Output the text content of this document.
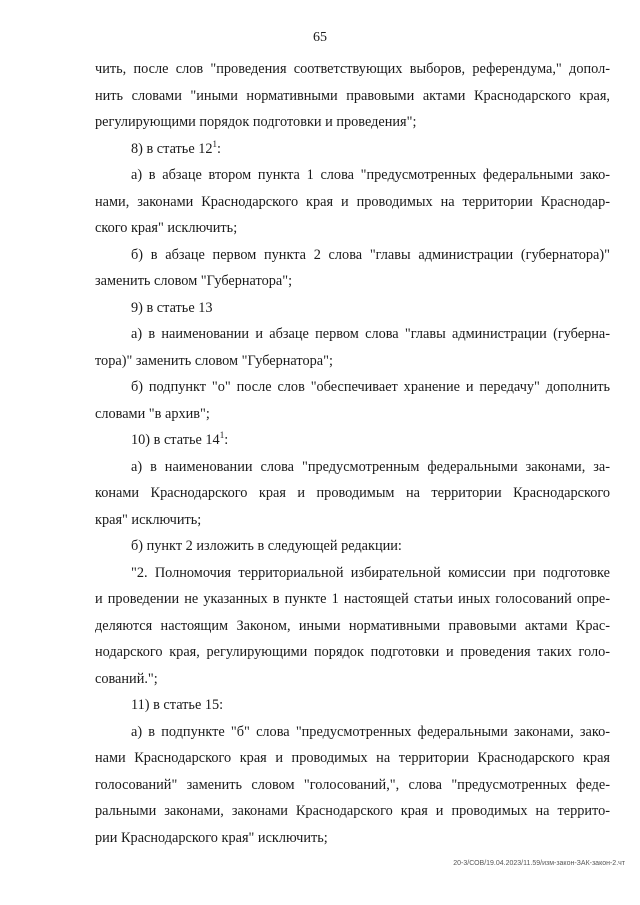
65

чить, после слов "проведения соответствующих выборов, референдума," допол-

нить словами "иными нормативными правовыми актами Краснодарского края,

регулирующими порядок подготовки и проведения";

8) в статье $12^1$:

а) в абзаце втором пункта 1 слова "предусмотренных федеральными зако-

нами, законами Краснодарского края и проводимых на территории Краснодар-

ского края" исключить;

б) в абзаце первом пункта 2 слова "главы администрации (губернатора)"

заменить словом "Губернатора";

9) в статье 13

а) в наименовании и абзаце первом слова "главы администрации (губерна-

тора)" заменить словом "Губернатора";

б) подпункт "о" после слов "обеспечивает хранение и передачу" дополнить

словами "в архив";

10) в статье $14^1$:

а) в наименовании слова "предусмотренным федеральными законами, за-

конами Краснодарского края и проводимым на территории Краснодарского

края" исключить;

б) пункт 2 изложить в следующей редакции:

"2. Полномочия территориальной избирательной комиссии при подготовке

и проведении не указанных в пункте 1 настоящей статьи иных голосований опре-

деляются настоящим Законом, иными нормативными правовыми актами Крас-

нодарского края, регулирующими порядок подготовки и проведения таких голо-

сований.";

11) в статье 15:

а) в подпункте "б" слова "предусмотренных федеральными законами, зако-

нами Краснодарского края и проводимых на территории Краснодарского края

голосований" заменить словом "голосований,", слова "предусмотренных феде-

ральными законами, законами Краснодарского края и проводимых на террито-

рии Краснодарского края" исключить;

20-3/СОВ/19.04.2023/11.59/изм-закон-ЗАК-закон-2.чт
